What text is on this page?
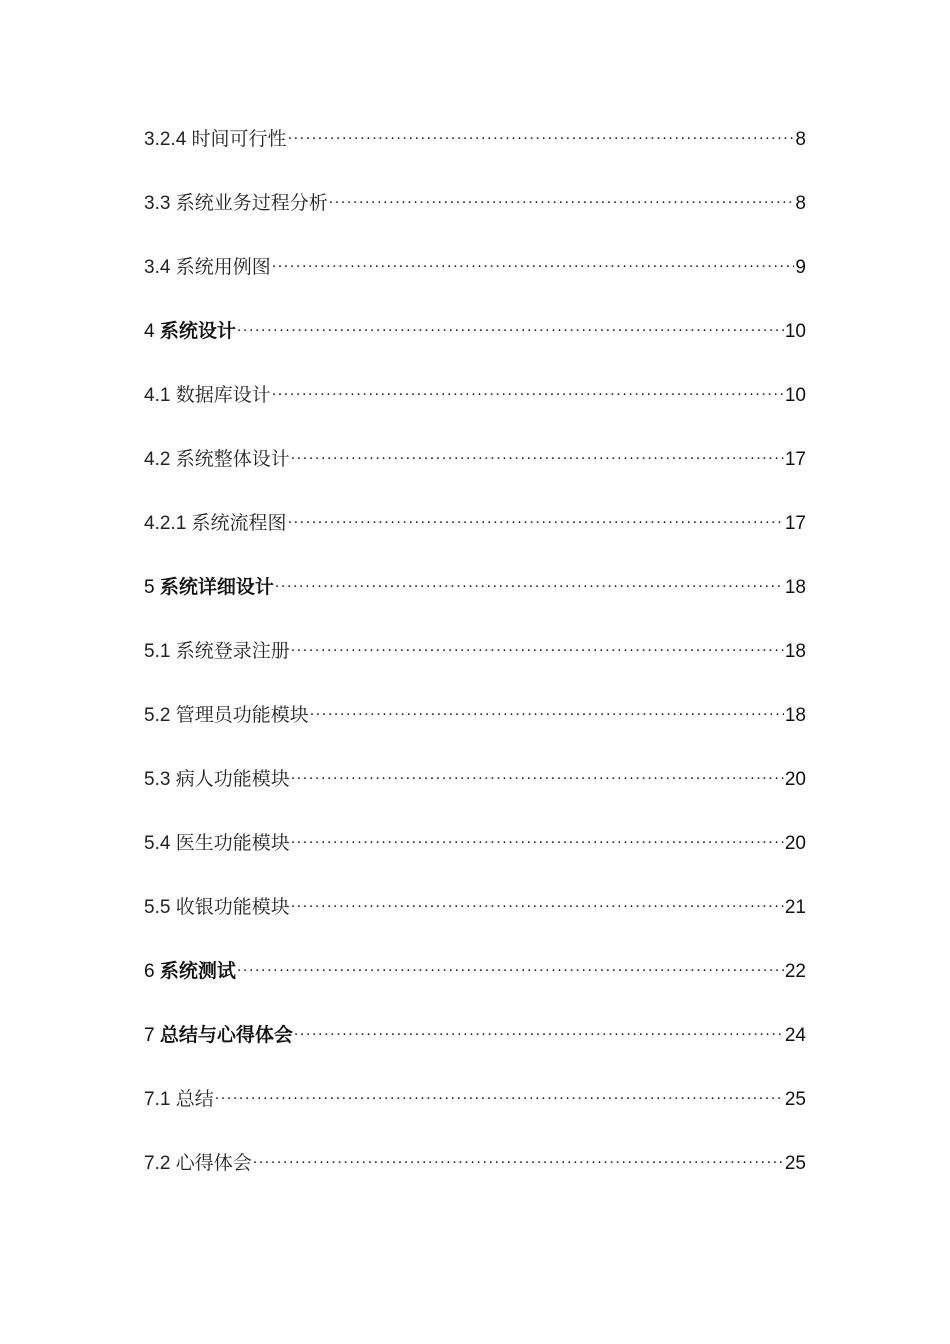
3.2.4 时间可行性 .....	8
3.3 系统业务过程分析 .....	8
3.4 系统用例图 .....	9
4 系统设计 .....	10
4.1 数据库设计 .....	10
4.2 系统整体设计 .....	17
4.2.1 系统流程图 .....	17
5 系统详细设计 .....	18
5.1 系统登录注册 .....	18
5.2 管理员功能模块 .....	18
5.3 病人功能模块 .....	20
5.4 医生功能模块 .....	20
5.5 收银功能模块 .....	21
6 系统测试 .....	22
7 总结与心得体会 .....	24
7.1 总结 .....	25
7.2 心得体会 .....	25
